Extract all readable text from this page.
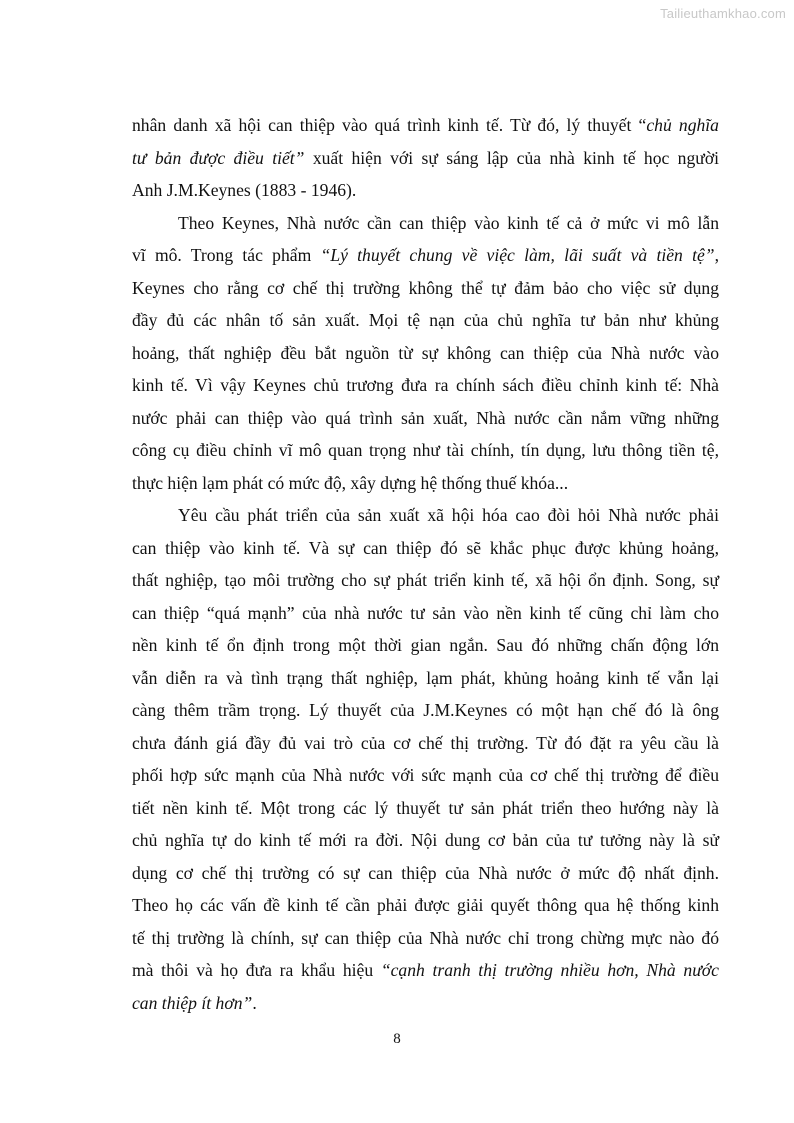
Tailieuthamkhao.com
nhân danh xã hội can thiệp vào quá trình kinh tế. Từ đó, lý thuyết “chủ nghĩa
tư bản được điều tiết” xuất hiện với sự sáng lập của nhà kinh tế học người
Anh J.M.Keynes (1883 - 1946).
Theo Keynes, Nhà nước cần can thiệp vào kinh tế cả ở mức vi mô lẫn
vĩ mô. Trong tác phẩm “Lý thuyết chung về việc làm, lãi suất và tiền tệ”,
Keynes cho rằng cơ chế thị trường không thể tự đảm bảo cho việc sử dụng
đầy đủ các nhân tố sản xuất. Mọi tệ nạn của chủ nghĩa tư bản như khủng
hoảng, thất nghiệp đều bắt nguồn từ sự không can thiệp của Nhà nước vào
kinh tế. Vì vậy Keynes chủ trương đưa ra chính sách điều chỉnh kinh tế: Nhà
nước phải can thiệp vào quá trình sản xuất, Nhà nước cần nắm vững những
công cụ điều chỉnh vĩ mô quan trọng như tài chính, tín dụng, lưu thông tiền tệ,
thực hiện lạm phát có mức độ, xây dựng hệ thống thuế khóa...
Yêu cầu phát triển của sản xuất xã hội hóa cao đòi hỏi Nhà nước phải
can thiệp vào kinh tế. Và sự can thiệp đó sẽ khắc phục được khủng hoảng,
thất nghiệp, tạo môi trường cho sự phát triển kinh tế, xã hội ổn định. Song, sự
can thiệp “quá mạnh” của nhà nước tư sản vào nền kinh tế cũng chỉ làm cho
nền kinh tế ổn định trong một thời gian ngắn. Sau đó những chấn động lớn
vẫn diễn ra và tình trạng thất nghiệp, lạm phát, khủng hoảng kinh tế vẫn lại
càng thêm trầm trọng. Lý thuyết của J.M.Keynes có một hạn chế đó là ông
chưa đánh giá đầy đủ vai trò của cơ chế thị trường. Từ đó đặt ra yêu cầu là
phối hợp sức mạnh của Nhà nước với sức mạnh của cơ chế thị trường để điều
tiết nền kinh tế. Một trong các lý thuyết tư sản phát triển theo hướng này là
chủ nghĩa tự do kinh tế mới ra đời. Nội dung cơ bản của tư tưởng này là sử
dụng cơ chế thị trường có sự can thiệp của Nhà nước ở mức độ nhất định.
Theo họ các vấn đề kinh tế cần phải được giải quyết thông qua hệ thống kinh
tế thị trường là chính, sự can thiệp của Nhà nước chỉ trong chừng mực nào đó
mà thôi và họ đưa ra khẩu hiệu “cạnh tranh thị trường nhiều hơn, Nhà nước
can thiệp ít hơn”.
8
